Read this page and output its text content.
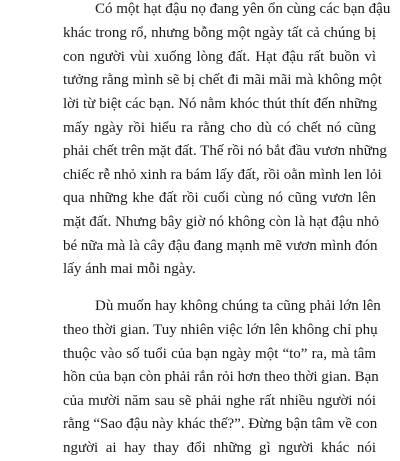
Có một hạt đậu nọ đang yên ổn cùng các bạn đậu
khác trong rổ, nhưng bỗng một ngày tất cả chúng bị
con người vùi xuống lòng đất. Hạt đậu rất buồn vì
tưởng rằng mình sẽ bị chết đi mãi mãi mà không một
lời từ biệt các bạn. Nó nằm khóc thút thít đến những
mấy ngày rồi hiểu ra rằng cho dù có chết nó cũng
phải chết trên mặt đất. Thế rồi nó bắt đầu vươn những
chiếc rễ nhỏ xinh ra bám lấy đất, rồi oằn mình len lỏi
qua những khe đất rồi cuối cùng nó cũng vươn lên
mặt đất. Nhưng bây giờ nó không còn là hạt đậu nhỏ
bé nữa mà là cây đậu đang mạnh mẽ vươn mình đón
lấy ánh mai mỗi ngày.
Dù muốn hay không chúng ta cũng phải lớn lên
theo thời gian. Tuy nhiên việc lớn lên không chỉ phụ
thuộc vào số tuổi của bạn ngày một “to” ra, mà tâm
hồn của bạn còn phải rắn rỏi hơn theo thời gian. Bạn
của mười năm sau sẽ phải nghe rất nhiều người nói
rằng “Sao đậu này khác thế?”. Đừng bận tâm về con
người ai hay thay đổi những gì người khác nói
